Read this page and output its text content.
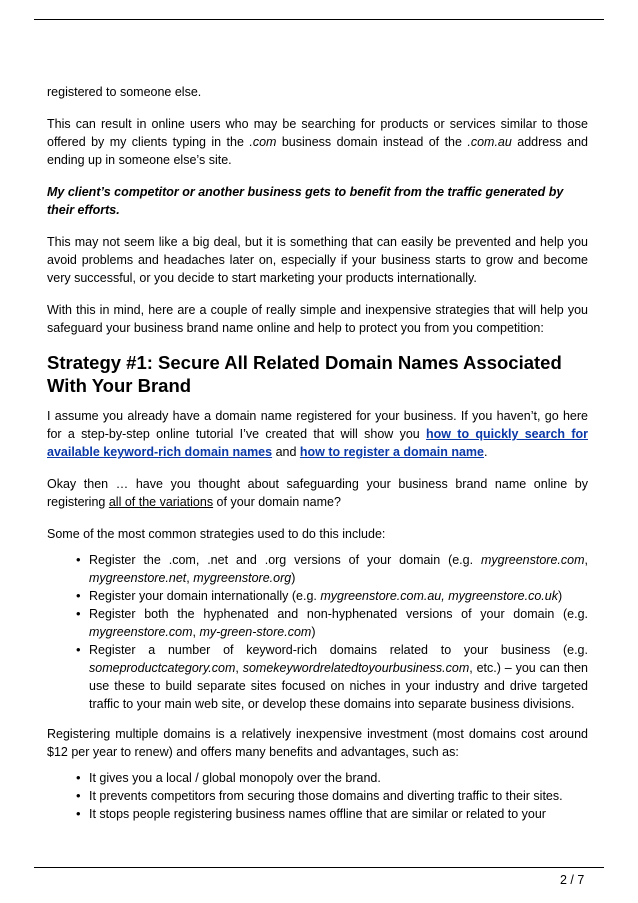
registered to someone else.

This can result in online users who may be searching for products or services similar to those offered by my clients typing in the .com business domain instead of the .com.au address and ending up in someone else’s site.

My client’s competitor or another business gets to benefit from the traffic generated by their efforts.

This may not seem like a big deal, but it is something that can easily be prevented and help you avoid problems and headaches later on, especially if your business starts to grow and become very successful, or you decide to start marketing your products internationally.

With this in mind, here are a couple of really simple and inexpensive strategies that will help you safeguard your business brand name online and help to protect you from you competition:

Strategy #1: Secure All Related Domain Names Associated With Your Brand

I assume you already have a domain name registered for your business. If you haven’t, go here for a step-by-step online tutorial I’ve created that will show you how to quickly search for available keyword-rich domain names and how to register a domain name.

Okay then … have you thought about safeguarding your business brand name online by registering all of the variations of your domain name?

Some of the most common strategies used to do this include:

• Register the .com, .net and .org versions of your domain (e.g. mygreenstore.com, mygreenstore.net, mygreenstore.org)
• Register your domain internationally (e.g. mygreenstore.com.au, mygreenstore.co.uk)
• Register both the hyphenated and non-hyphenated versions of your domain (e.g. mygreenstore.com, my-green-store.com)
• Register a number of keyword-rich domains related to your business (e.g. someproductcategory.com, somekeywordrelatedtoyourbusiness.com, etc.) – you can then use these to build separate sites focused on niches in your industry and drive targeted traffic to your main web site, or develop these domains into separate business divisions.

Registering multiple domains is a relatively inexpensive investment (most domains cost around $12 per year to renew) and offers many benefits and advantages, such as:

• It gives you a local / global monopoly over the brand.
• It prevents competitors from securing those domains and diverting traffic to their sites.
• It stops people registering business names offline that are similar or related to your
2 / 7
